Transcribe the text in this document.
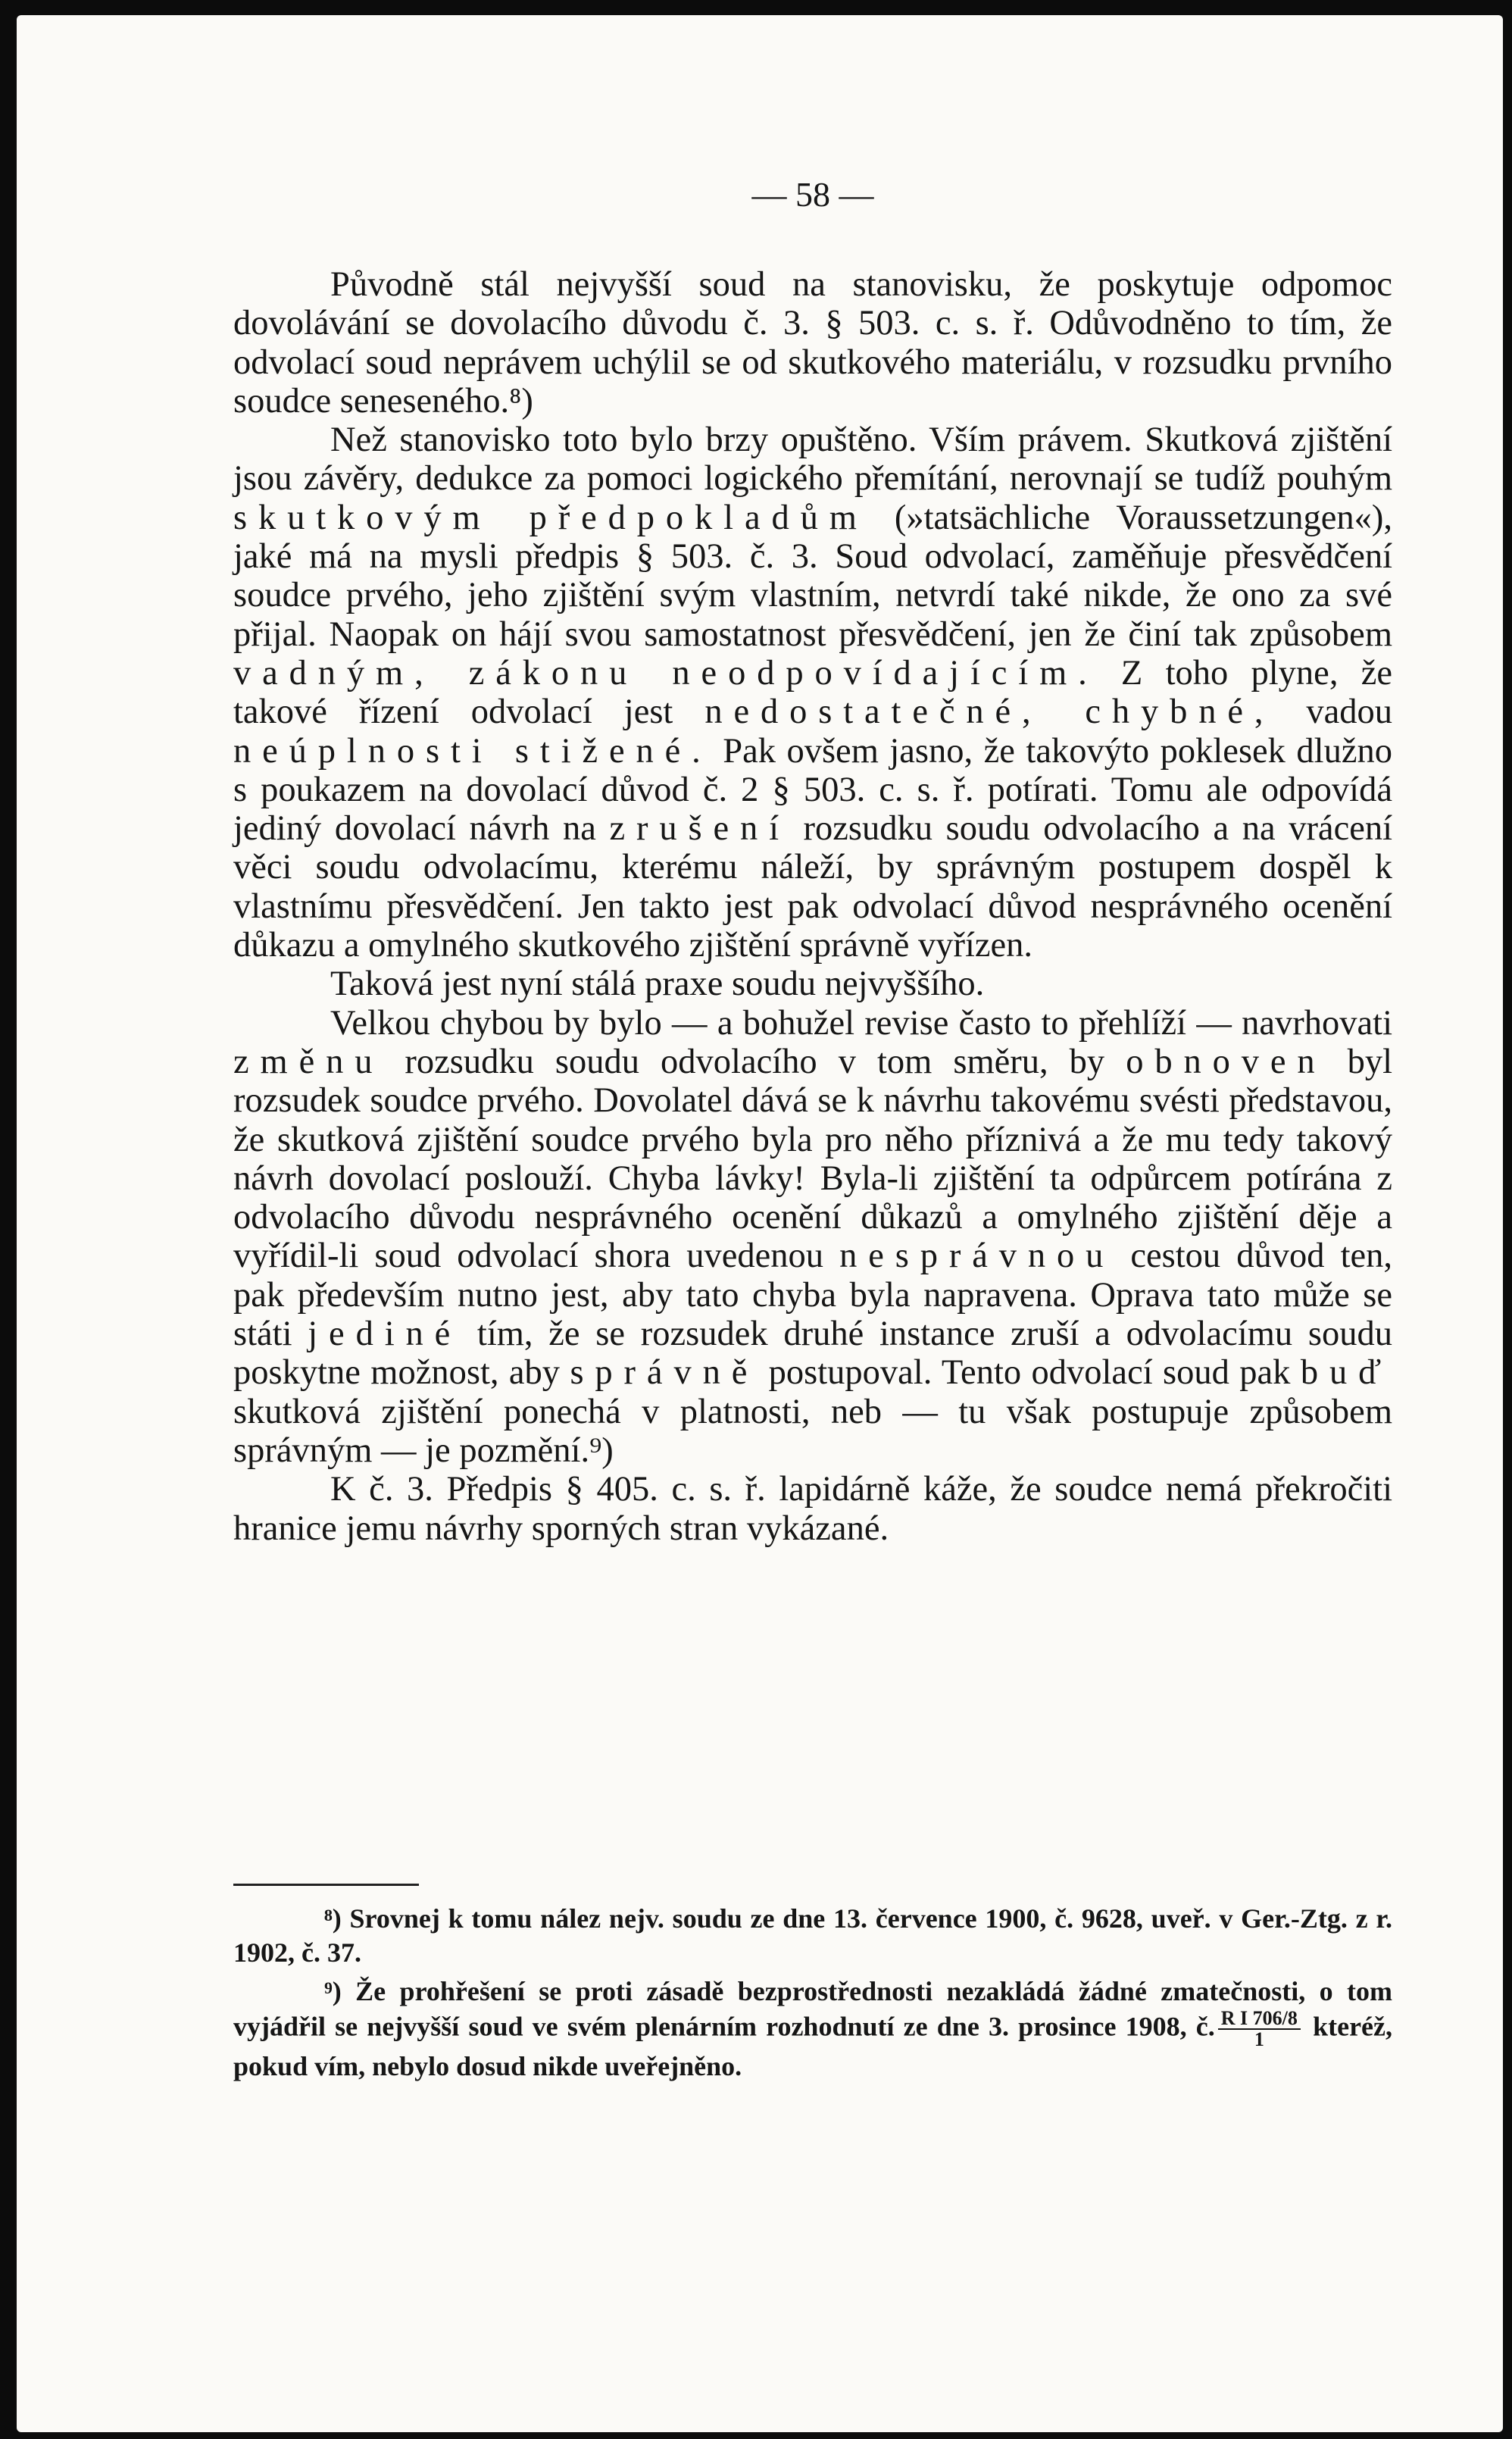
— 58 —

Původně stál nejvyšší soud na stanovisku, že poskytuje odpomoc dovolávání se dovolacího důvodu č. 3. § 503. c. s. ř. Odůvodněno to tím, že odvolací soud neprávem uchýlil se od skutkového materiálu, v rozsudku prvního soudce seneseného.⁸)

Než stanovisko toto bylo brzy opuštěno. Vším právem. Skutková zjištění jsou závěry, dedukce za pomoci logického přemítání, nerovnají se tudíž pouhým skutkovým předpokladům (»tatsächliche Voraussetzungen«), jaké má na mysli předpis § 503. č. 3. Soud odvolací, zaměňuje přesvědčení soudce prvého, jeho zjištění svým vlastním, netvrdí také nikde, že ono za své přijal. Naopak on hájí svou samostatnost přesvědčení, jen že činí tak způsobem vadným, zákonu neodpovídajícím. Z toho plyne, že takové řízení odvolací jest nedostatečné, chybné, vadou neúplnosti stižené. Pak ovšem jasno, že takovýto poklesek dlužno s poukazem na dovolací důvod č. 2 § 503. c. s. ř. potírati. Tomu ale odpovídá jediný dovolací návrh na zrušení rozsudku soudu odvolacího a na vrácení věci soudu odvolacímu, kterému náleží, by správným postupem dospěl k vlastnímu přesvědčení. Jen takto jest pak odvolací důvod nesprávného ocenění důkazu a omylného skutkového zjištění správně vyřízen.

Taková jest nyní stálá praxe soudu nejvyššího.

Velkou chybou by bylo — a bohužel revise často to přehlíží — navrhovati změnu rozsudku soudu odvolacího v tom směru, by obnoven byl rozsudek soudce prvého. Dovolatel dává se k návrhu takovému svésti představou, že skutková zjištění soudce prvého byla pro něho příznivá a že mu tedy takový návrh dovolací poslouží. Chyba lávky! Byla-li zjištění ta odpůrcem potírána z odvolacího důvodu nesprávného ocenění důkazů a omylného zjištění děje a vyřídil-li soud odvolací shora uvedenou nesprávnou cestou důvod ten, pak především nutno jest, aby tato chyba byla napravena. Oprava tato může se státi jediné tím, že se rozsudek druhé instance zruší a odvolacímu soudu poskytne možnost, aby správně postupoval. Tento odvolací soud pak buď skutková zjištění ponechá v platnosti, neb — tu však postupuje způsobem správným — je pozmění.⁹)

K č. 3. Předpis § 405. c. s. ř. lapidárně káže, že soudce nemá překročiti hranice jemu návrhy sporných stran vykázané.

⁸) Srovnej k tomu nález nejv. soudu ze dne 13. července 1900, č. 9628, uveř. v Ger.-Ztg. z r. 1902, č. 37.

⁹) Že prohřešení se proti zásadě bezprostřednosti nezakládá žádné zmatečnosti, o tom vyjádřil se nejvyšší soud ve svém plenárním rozhodnutí ze dne 3. prosince 1908, č. $\frac{\text{R I 706/8}}{1}$ kteréž, pokud vím, nebylo dosud nikde uveřejněno.
